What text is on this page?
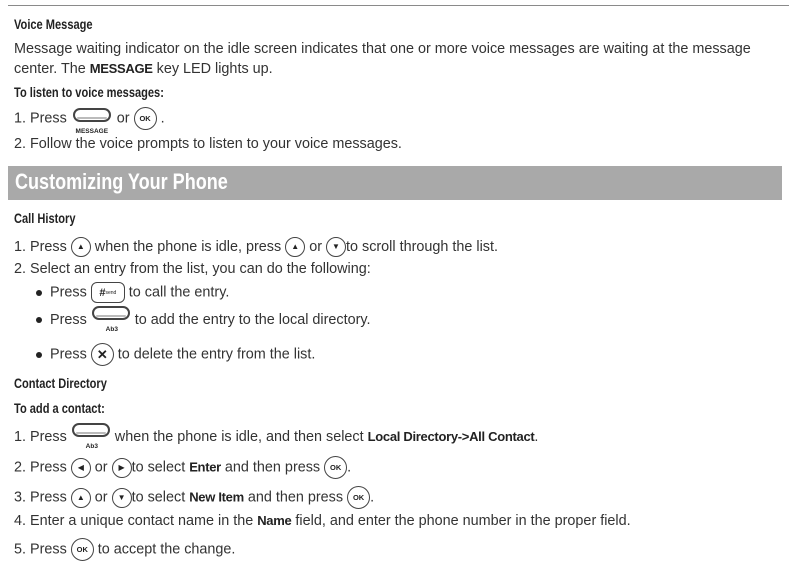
Voice Message
Message waiting indicator on the idle screen indicates that one or more voice messages are waiting at the message
center. The MESSAGE key LED lights up.
To listen to voice messages:
1. Press
MESSAGE
or OK .
2. Follow the voice prompts to listen to your voice messages.
Customizing Your Phone
Call History
1. Press ▲ when the phone is idle, press ▲ or ▼ to scroll through the list.
2. Select an entry from the list, you can do the following:
Press # send to call the entry.
Press
Ab3
to add the entry to the local directory.
Press ✕ to delete the entry from the list.
Contact Directory
To add a contact:
1. Press
Ab3
when the phone is idle, and then select Local Directory->All Contact.
2. Press ◀ or ▶ to select Enter and then press OK .
3. Press ▲ or ▼ to select New Item and then press OK .
4. Enter a unique contact name in the Name field, and enter the phone number in the proper field.
5. Press OK to accept the change.
